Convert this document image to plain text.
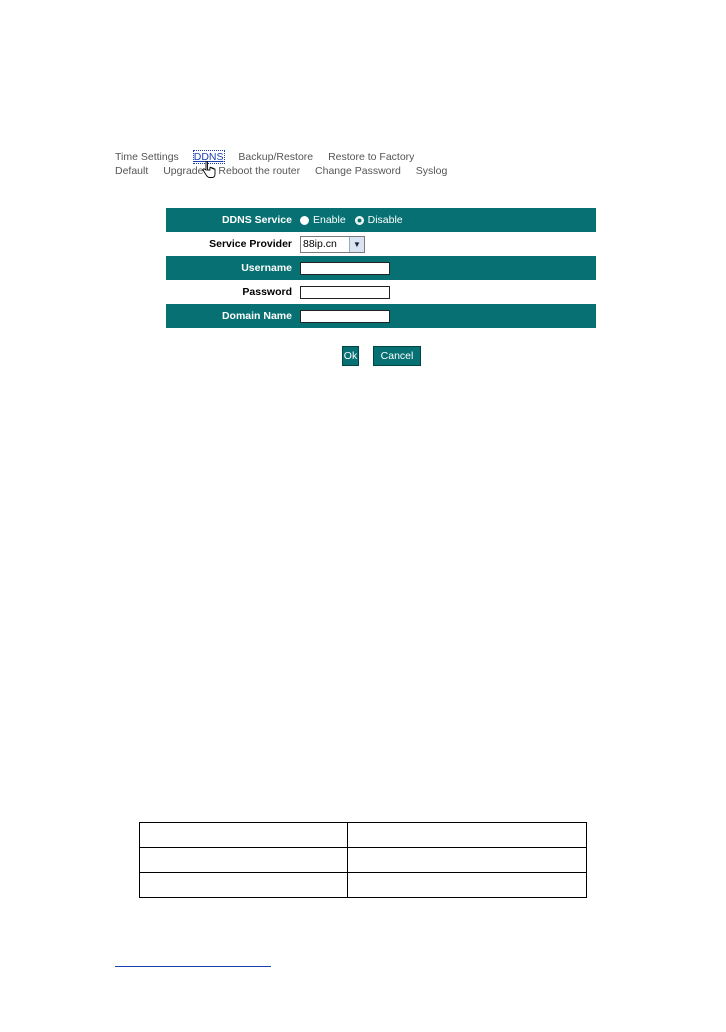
Time Settings DDNS Backup/Restore Restore to Factory
Default Upgrade Reboot the router Change Password Syslog
DDNS Service	Enable Disable
Service Provider	88ip.cn ▼

Username	
Password	
Domain Name	
Ok	Cancel
